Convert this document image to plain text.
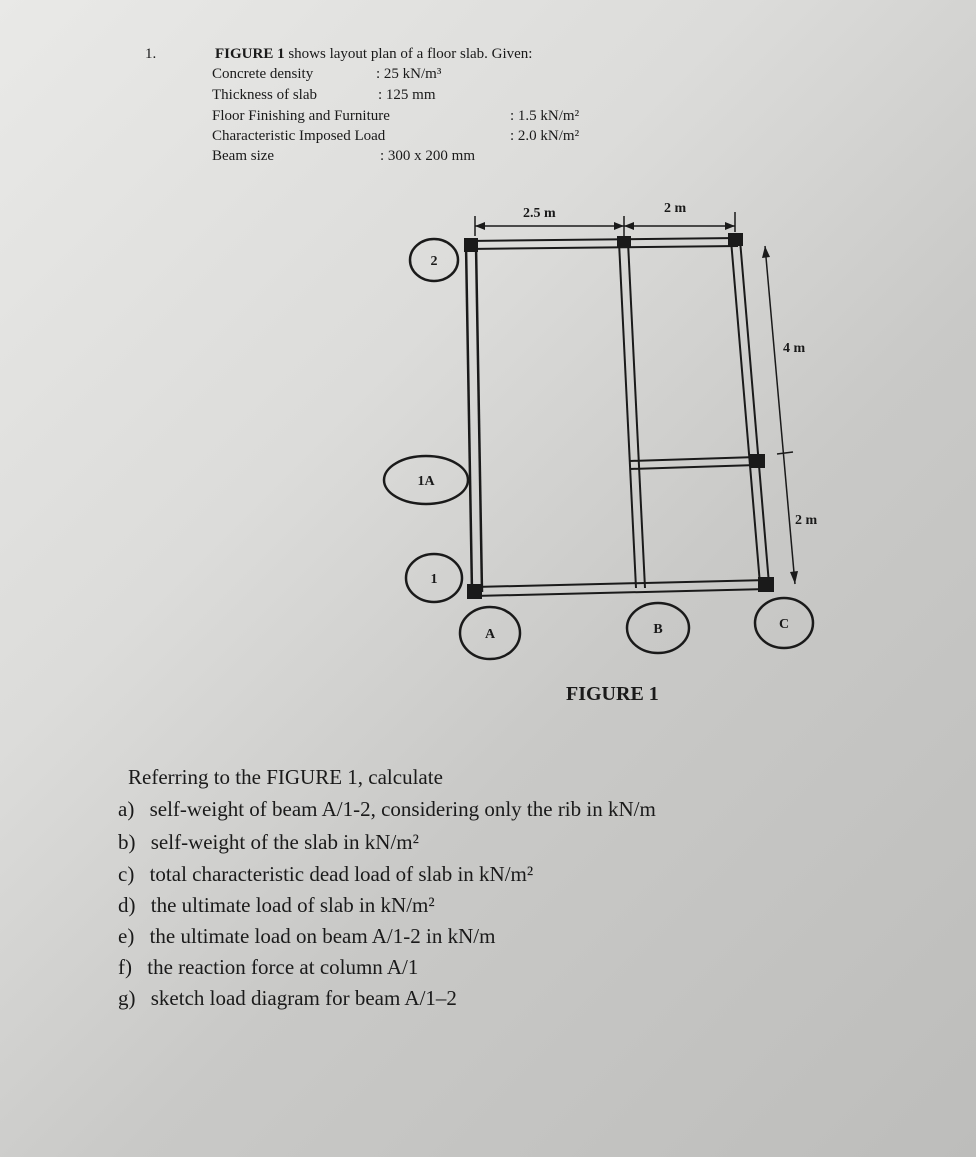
1.	FIGURE 1 shows layout plan of a floor slab. Given:
Concrete density	: 25 kN/m³
Thickness of slab	: 125 mm
Floor Finishing and Furniture	: 1.5 kN/m²
Characteristic Imposed Load	: 2.0 kN/m²
Beam size	: 300 x 200 mm
2.5 m	2 m
4 m
2 m
2
1A
1
A	B	C
FIGURE 1
Referring to the FIGURE 1, calculate
a) self-weight of beam A/1-2, considering only the rib in kN/m
b) self-weight of the slab in kN/m²
c) total characteristic dead load of slab in kN/m²
d) the ultimate load of slab in kN/m²
e) the ultimate load on beam A/1-2 in kN/m
f) the reaction force at column A/1
g) sketch load diagram for beam A/1–2
